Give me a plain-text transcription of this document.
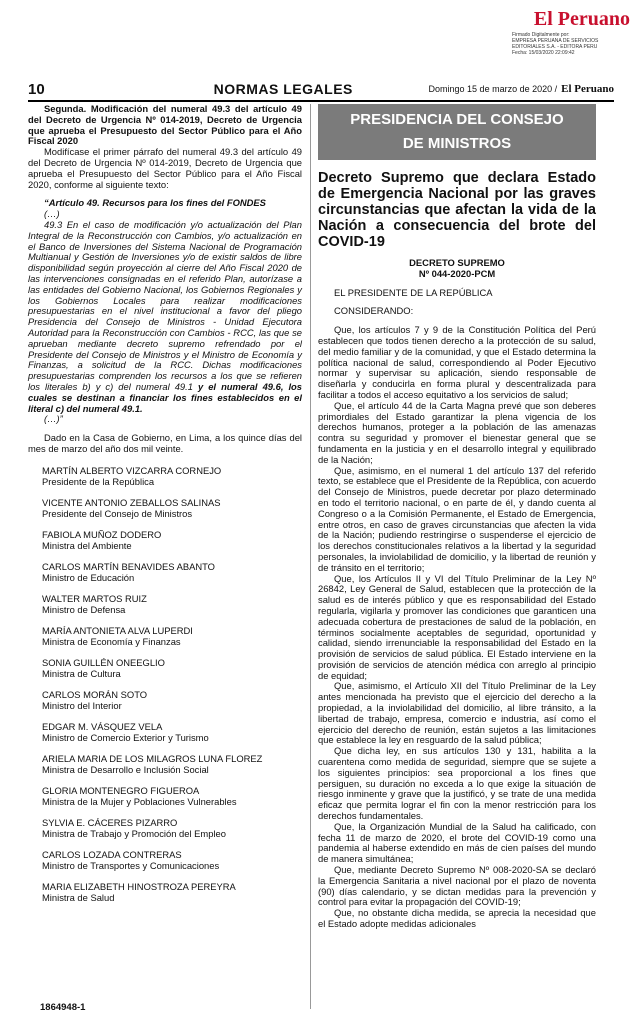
El Peruano
Firmado Digitalmente por:
EMPRESA PERUANA DE SERVICIOS
EDITORIALES S.A. - EDITORA PERU
Fecha: 15/03/2020 22:09:42
10	NORMAS LEGALES	Domingo 15 de marzo de 2020 / El Peruano

Segunda. Modificación del numeral 49.3 del artículo 49 del Decreto de Urgencia Nº 014-2019, Decreto de Urgencia que aprueba el Presupuesto del Sector Público para el Año Fiscal 2020

Modifícase el primer párrafo del numeral 49.3 del artículo 49 del Decreto de Urgencia Nº 014-2019, Decreto de Urgencia que aprueba el Presupuesto del Sector Público para el Año Fiscal 2020, conforme al siguiente texto:

“Artículo 49. Recursos para los fines del FONDES

(…)

49.3 En el caso de modificación y/o actualización del Plan Integral de la Reconstrucción con Cambios, y/o actualización en el Banco de Inversiones del Sistema Nacional de Programación Multianual y Gestión de Inversiones y/o de existir saldos de libre disponibilidad según proyección al cierre del Año Fiscal 2020 de las intervenciones consignadas en el referido Plan, autorízase a las entidades del Gobierno Nacional, los Gobiernos Regionales y los Gobiernos Locales para realizar modificaciones presupuestarias en el nivel institucional a favor del pliego Presidencia del Consejo de Ministros - Unidad Ejecutora Autoridad para la Reconstrucción con Cambios - RCC, las que se aprueban mediante decreto supremo refrendado por el Presidente del Consejo de Ministros y el Ministro de Economía y Finanzas, a solicitud de la RCC. Dichas modificaciones presupuestarias comprenden los recursos a los que se refieren los literales b) y c) del numeral 49.1 y el numeral 49.6, los cuales se destinan a financiar los fines establecidos en el literal c) del numeral 49.1.

(…)”

Dado en la Casa de Gobierno, en Lima, a los quince días del mes de marzo del año dos mil veinte.

MARTÍN ALBERTO VIZCARRA CORNEJO
Presidente de la República
VICENTE ANTONIO ZEBALLOS SALINAS
Presidente del Consejo de Ministros
FABIOLA MUÑOZ DODERO
Ministra del Ambiente
CARLOS MARTÍN BENAVIDES ABANTO
Ministro de Educación
WALTER MARTOS RUIZ
Ministro de Defensa
MARÍA ANTONIETA ALVA LUPERDI
Ministra de Economía y Finanzas
SONIA GUILLÉN ONEEGLIO
Ministra de Cultura
CARLOS MORÁN SOTO
Ministro del Interior
EDGAR M. VÁSQUEZ VELA
Ministro de Comercio Exterior y Turismo
ARIELA MARIA DE LOS MILAGROS LUNA FLOREZ
Ministra de Desarrollo e Inclusión Social
GLORIA MONTENEGRO FIGUEROA
Ministra de la Mujer y Poblaciones Vulnerables
SYLVIA E. CÁCERES PIZARRO
Ministra de Trabajo y Promoción del Empleo
CARLOS LOZADA CONTRERAS
Ministro de Transportes y Comunicaciones
MARIA ELIZABETH HINOSTROZA PEREYRA
Ministra de Salud
1864948-1
PRESIDENCIA DEL CONSEJO
DE MINISTROS

Decreto Supremo que declara Estado de Emergencia Nacional por las graves circunstancias que afectan la vida de la Nación a consecuencia del brote del COVID-19

DECRETO SUPREMO

Nº 044-2020-PCM

EL PRESIDENTE DE LA REPÚBLICA

CONSIDERANDO:

Que, los artículos 7 y 9 de la Constitución Política del Perú establecen que todos tienen derecho a la protección de su salud, del medio familiar y de la comunidad, y que el Estado determina la política nacional de salud, correspondiendo al Poder Ejecutivo normar y supervisar su aplicación, siendo responsable de diseñarla y conducirla en forma plural y descentralizada para facilitar a todos el acceso equitativo a los servicios de salud;

Que, el artículo 44 de la Carta Magna prevé que son deberes primordiales del Estado garantizar la plena vigencia de los derechos humanos, proteger a la población de las amenazas contra su seguridad y promover el bienestar general que se fundamenta en la justicia y en el desarrollo integral y equilibrado de la Nación;

Que, asimismo, en el numeral 1 del artículo 137 del referido texto, se establece que el Presidente de la República, con acuerdo del Consejo de Ministros, puede decretar por plazo determinado en todo el territorio nacional, o en parte de él, y dando cuenta al Congreso o a la Comisión Permanente, el Estado de Emergencia, entre otros, en caso de graves circunstancias que afecten la vida de la Nación; pudiendo restringirse o suspenderse el ejercicio de los derechos constitucionales relativos a la libertad y la seguridad personales, la inviolabilidad de domicilio, y la libertad de reunión y de tránsito en el territorio;

Que, los Artículos II y VI del Título Preliminar de la Ley Nº 26842, Ley General de Salud, establecen que la protección de la salud es de interés público y que es responsabilidad del Estado regularla, vigilarla y promover las condiciones que garanticen una adecuada cobertura de prestaciones de salud de la población, en términos socialmente aceptables de seguridad, oportunidad y calidad, siendo irrenunciable la responsabilidad del Estado en la provisión de servicios de salud pública. El Estado interviene en la provisión de servicios de atención médica con arreglo al principio de equidad;

Que, asimismo, el Artículo XII del Título Preliminar de la Ley antes mencionada ha previsto que el ejercicio del derecho a la propiedad, a la inviolabilidad del domicilio, al libre tránsito, a la libertad de trabajo, empresa, comercio e industria, así como el ejercicio del derecho de reunión, están sujetos a las limitaciones que establece la ley en resguardo de la salud pública;

Que dicha ley, en sus artículos 130 y 131, habilita a la cuarentena como medida de seguridad, siempre que se sujete a los siguientes principios: sea proporcional a los fines que persiguen, su duración no exceda a lo que exige la situación de riesgo inminente y grave que la justificó, y se trate de una medida eficaz que permita lograr el fin con la menor restricción para los derechos fundamentales.

Que, la Organización Mundial de la Salud ha calificado, con fecha 11 de marzo de 2020, el brote del COVID-19 como una pandemia al haberse extendido en más de cien países del mundo de manera simultánea;

Que, mediante Decreto Supremo Nº 008-2020-SA se declaró la Emergencia Sanitaria a nivel nacional por el plazo de noventa (90) días calendario, y se dictan medidas para la prevención y control para evitar la propagación del COVID-19;

Que, no obstante dicha medida, se aprecia la necesidad que el Estado adopte medidas adicionales
